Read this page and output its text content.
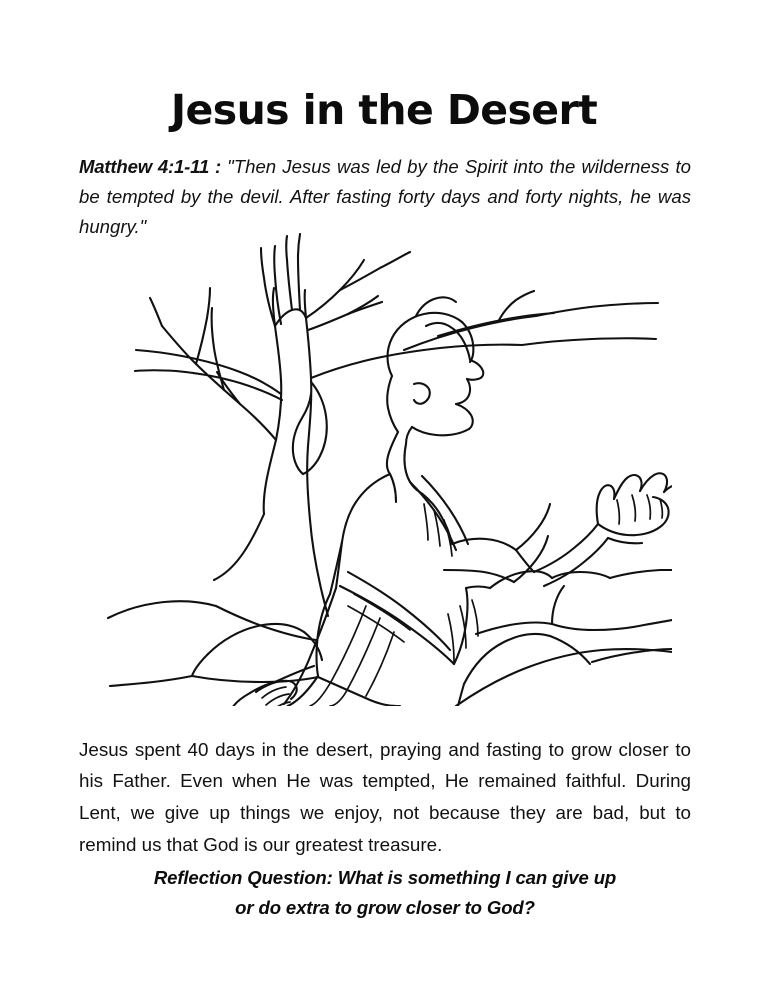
Jesus in the Desert

Matthew 4:1-11 : "Then Jesus was led by the Spirit into the wilderness to be tempted by the devil. After fasting forty days and forty nights, he was hungry."

Jesus spent 40 days in the desert, praying and fasting to grow closer to his Father. Even when He was tempted, He remained faithful. During Lent, we give up things we enjoy, not because they are bad, but to remind us that God is our greatest treasure.

Reflection Question: What is something I can give up
or do extra to grow closer to God?
